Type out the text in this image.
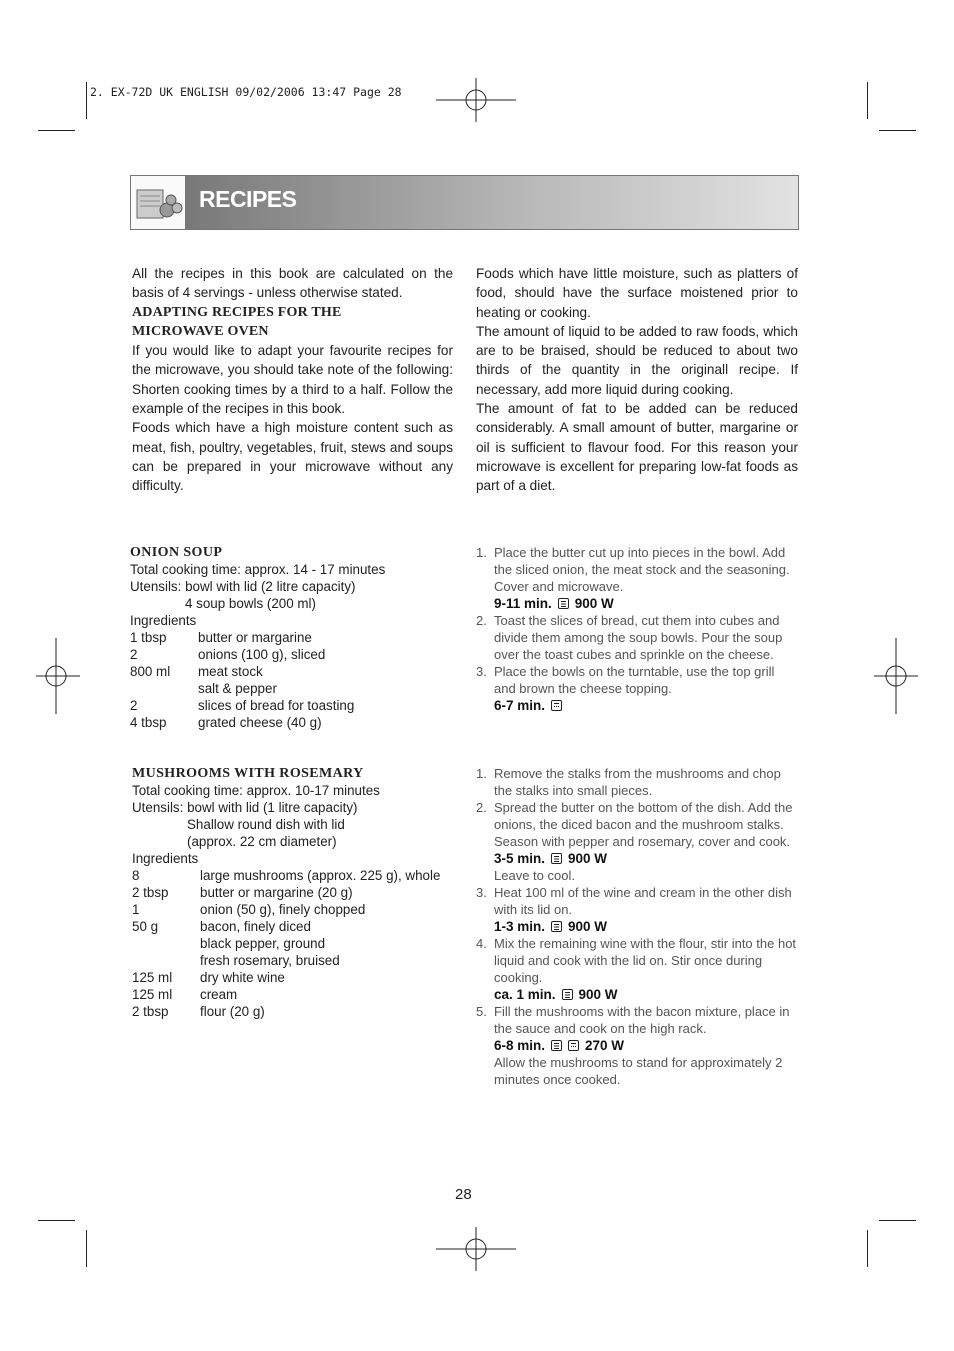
2. EX-72D UK ENGLISH 09/02/2006 13:47 Page 28
RECIPES

All the recipes in this book are calculated on the basis of 4 servings - unless otherwise stated.

ADAPTING RECIPES FOR THE
MICROWAVE OVEN

If you would like to adapt your favourite recipes for the microwave, you should take note of the following: Shorten cooking times by a third to a half. Follow the example of the recipes in this book.

Foods which have a high moisture content such as meat, fish, poultry, vegetables, fruit, stews and soups can be prepared in your microwave without any difficulty.

Foods which have little moisture, such as platters of food, should have the surface moistened prior to heating or cooking.

The amount of liquid to be added to raw foods, which are to be braised, should be reduced to about two thirds of the quantity in the originall recipe. If necessary, add more liquid during cooking.

The amount of fat to be added can be reduced considerably. A small amount of butter, margarine or oil is sufficient to flavour food. For this reason your microwave is excellent for preparing low-fat foods as part of a diet.

ONION SOUP
Total cooking time: approx. 14 - 17 minutes
Utensils: bowl with lid (2 litre capacity)
4 soup bowls (200 ml)
Ingredients
1 tbsp	butter or margarine
2	onions (100 g), sliced
800 ml	meat stock
salt & pepper
2	slices of bread for toasting
4 tbsp	grated cheese (40 g)
1. Place the butter cut up into pieces in the bowl. Add the sliced onion, the meat stock and the seasoning. Cover and microwave.
9-11 min. 900 W
2. Toast the slices of bread, cut them into cubes and divide them among the soup bowls. Pour the soup over the toast cubes and sprinkle on the cheese.
3. Place the bowls on the turntable, use the top grill and brown the cheese topping.
6-7 min.
MUSHROOMS WITH ROSEMARY
Total cooking time: approx. 10-17 minutes
Utensils: bowl with lid (1 litre capacity)
Shallow round dish with lid
(approx. 22 cm diameter)
Ingredients
8	large mushrooms (approx. 225 g), whole
2 tbsp	butter or margarine (20 g)
1	onion (50 g), finely chopped
50 g	bacon, finely diced
black pepper, ground
fresh rosemary, bruised
125 ml	dry white wine
125 ml	cream
2 tbsp	flour (20 g)
1. Remove the stalks from the mushrooms and chop the stalks into small pieces.
2. Spread the butter on the bottom of the dish. Add the onions, the diced bacon and the mushroom stalks. Season with pepper and rosemary, cover and cook.
3-5 min. 900 W
Leave to cool.
3. Heat 100 ml of the wine and cream in the other dish with its lid on.
1-3 min. 900 W
4. Mix the remaining wine with the flour, stir into the hot liquid and cook with the lid on. Stir once during cooking.
ca. 1 min. 900 W
5. Fill the mushrooms with the bacon mixture, place in the sauce and cook on the high rack.
6-8 min.	270 W
Allow the mushrooms to stand for approximately 2 minutes once cooked.
28
